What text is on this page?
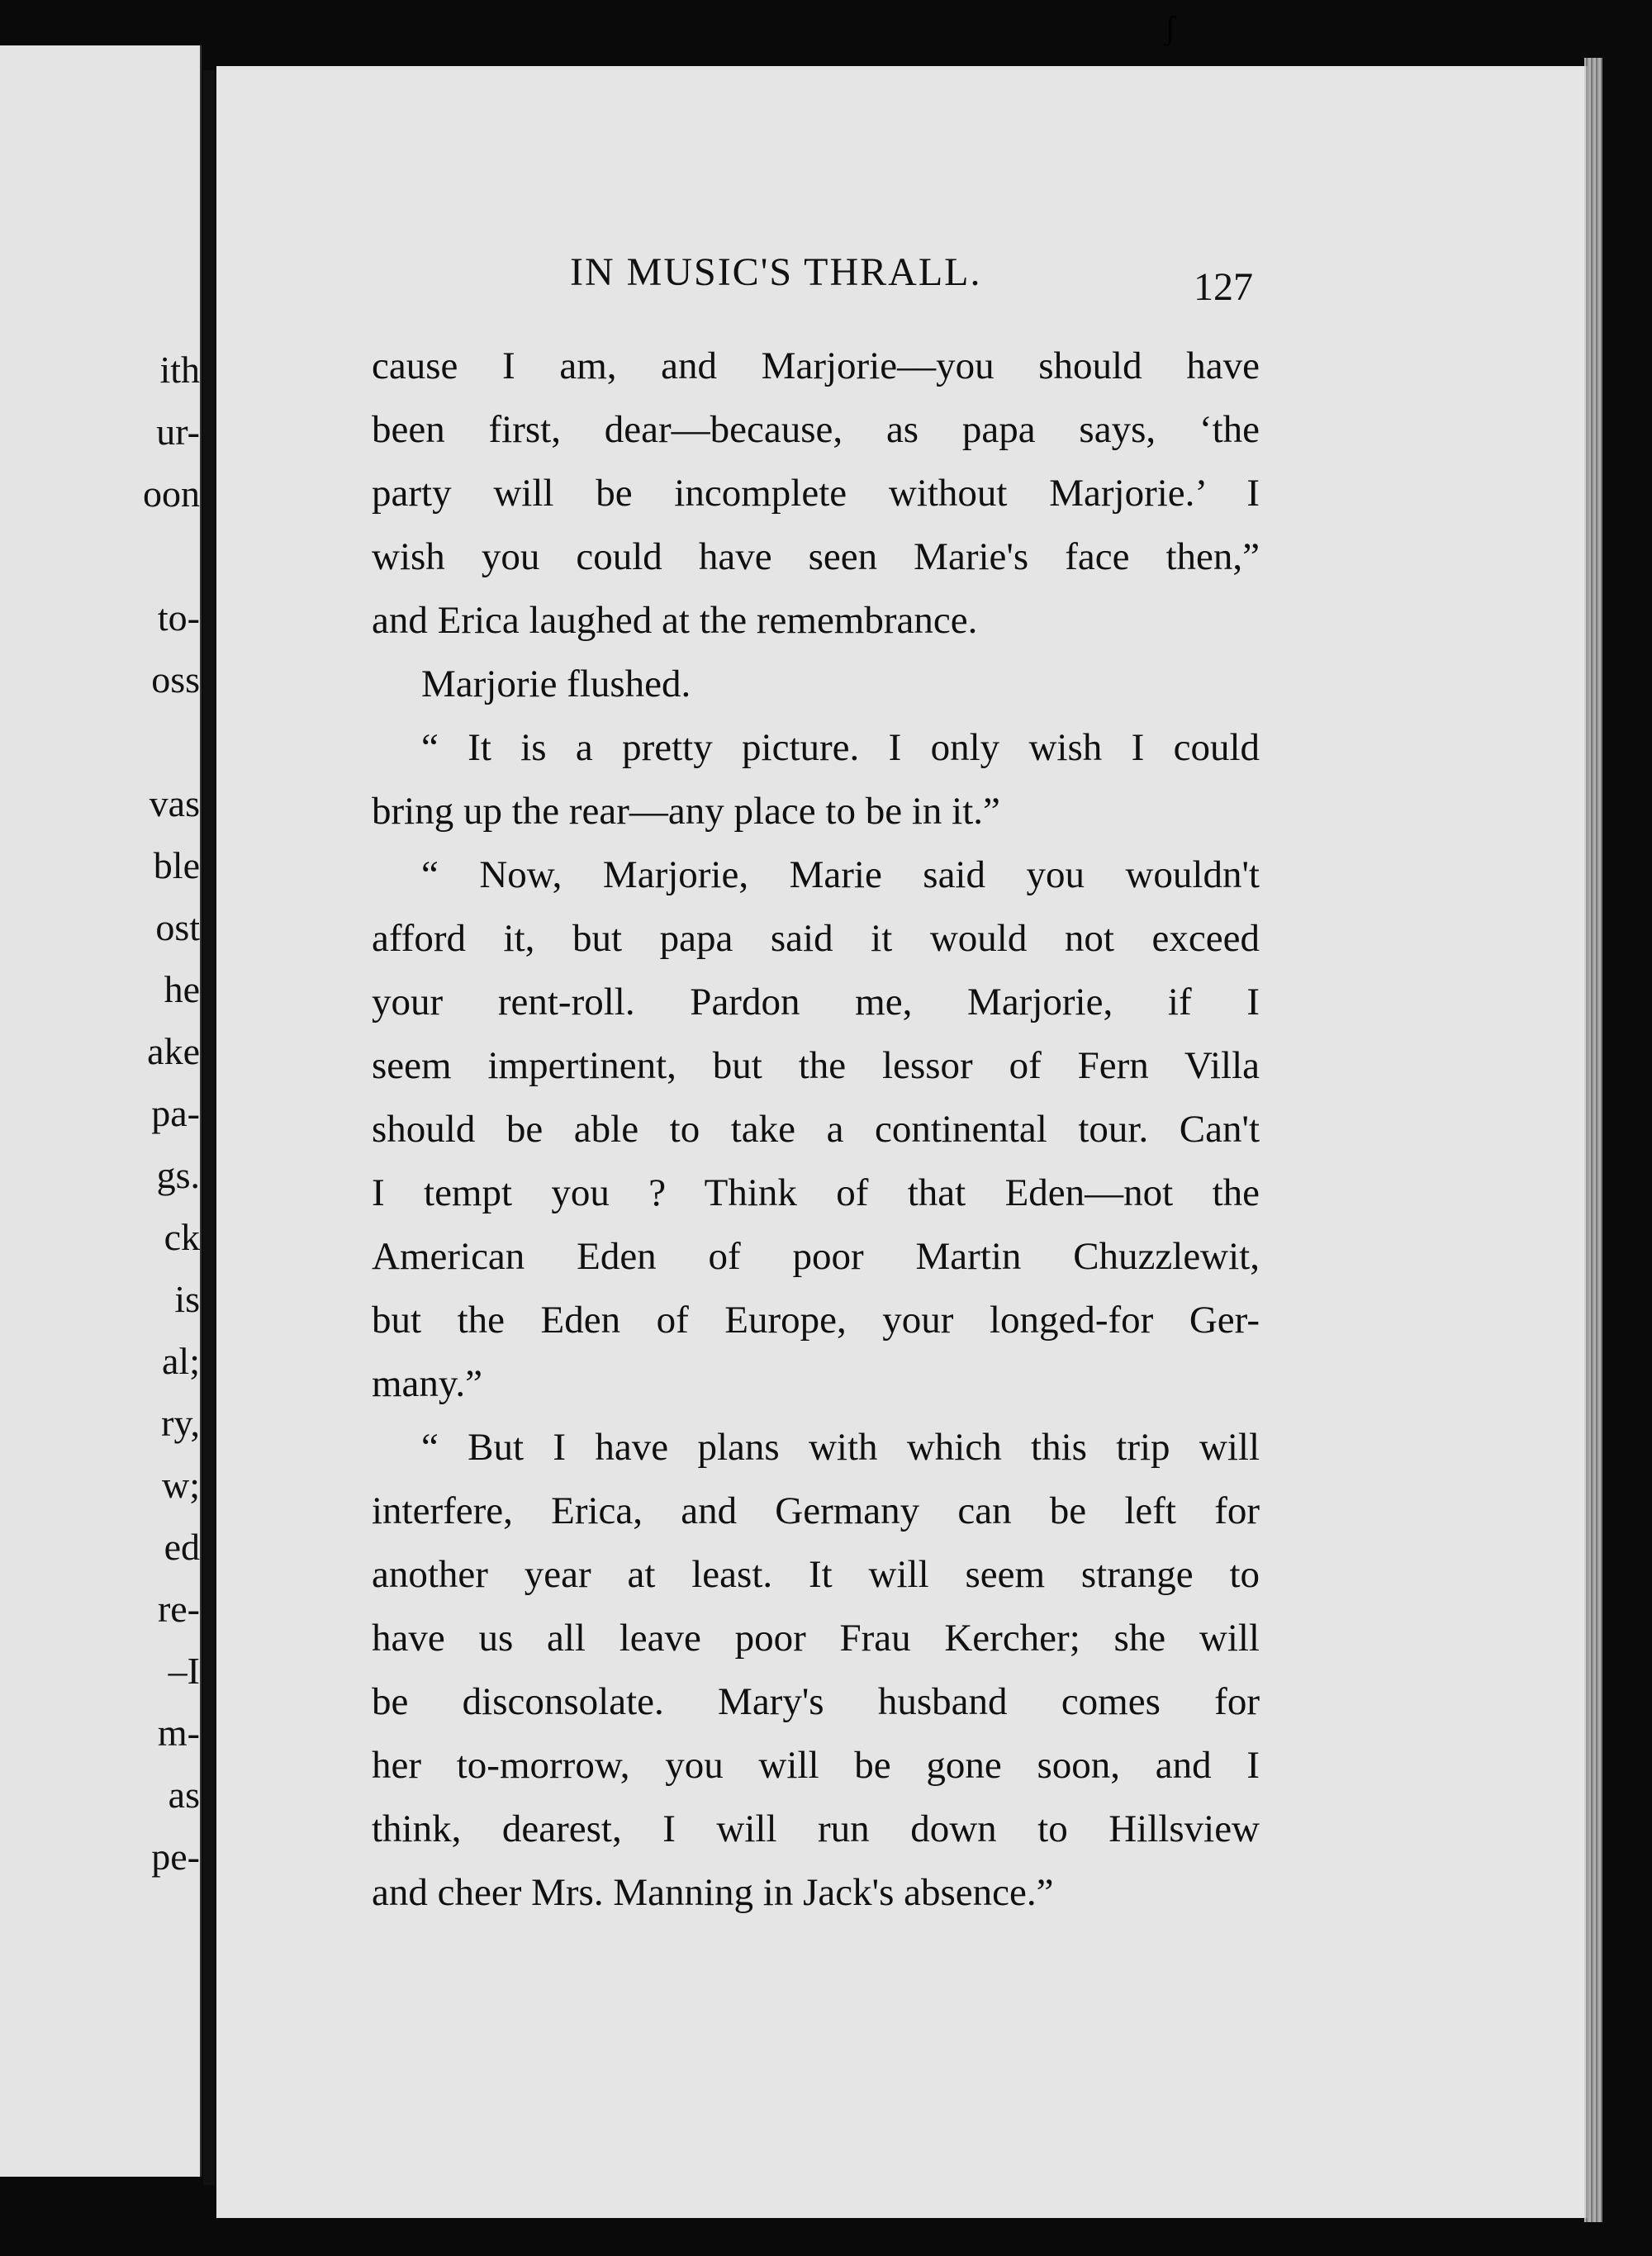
ith
ur-
oon
to-
oss
vas
ble
ost
he
ake
pa-
gs.
ck
is
al;
ry,
w;
ed
re-
–I
m-
as
pe-
ʃ
IN MUSIC'S THRALL.	127
cause I am, and Marjorie––you should have
been first, dear—because, as papa says, ‘the
party will be incomplete without Marjorie.’ I
wish you could have seen Marie's face then,”
and Erica laughed at the remembrance.
Marjorie flushed.
“ It is a pretty picture. I only wish I could
bring up the rear—any place to be in it.”
“ Now, Marjorie, Marie said you wouldn't
afford it, but papa said it would not exceed
your rent-roll. Pardon me, Marjorie, if I
seem impertinent, but the lessor of Fern Villa
should be able to take a continental tour. Can't
I tempt you ? Think of that Eden—not the
American Eden of poor Martin Chuzzlewit,
but the Eden of Europe, your longed-for Ger-
many.”
“ But I have plans with which this trip will
interfere, Erica, and Germany can be left for
another year at least. It will seem strange to
have us all leave poor Frau Kercher; she will
be disconsolate. Mary's husband comes for
her to-morrow, you will be gone soon, and I
think, dearest, I will run down to Hillsview
and cheer Mrs. Manning in Jack's absence.”
